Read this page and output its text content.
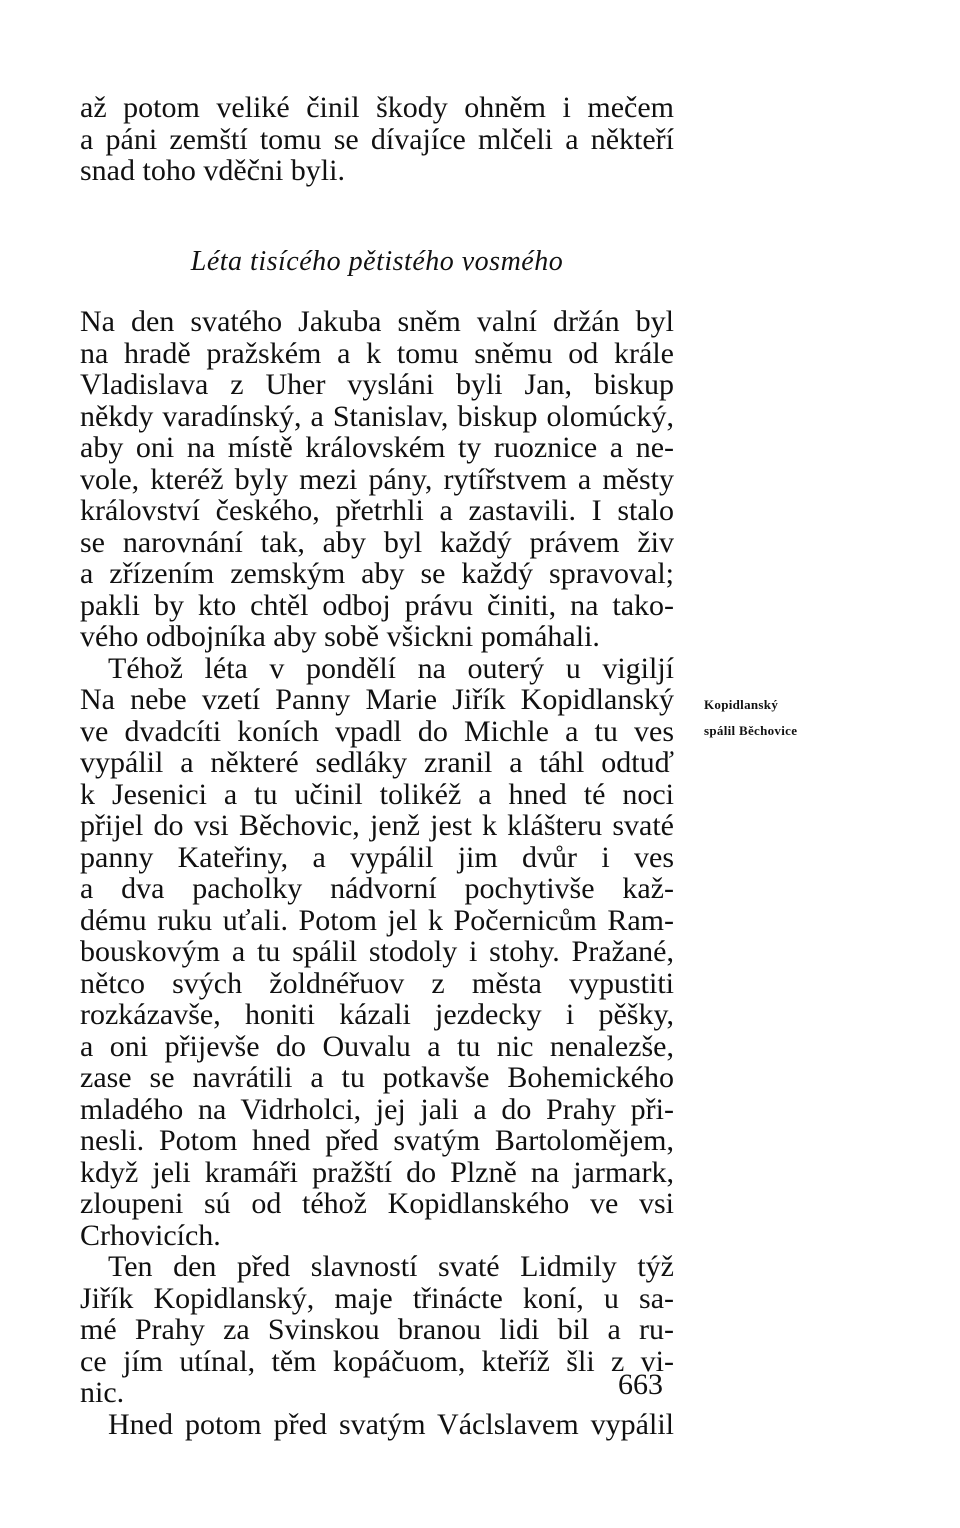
až potom veliké činil škody ohněm i mečem
a páni zemští tomu se dívajíce mlčeli a někteří
snad toho vděčni byli.
Léta tisícého pětistého vosmého
Na den svatého Jakuba sněm valní držán byl
na hradě pražském a k tomu sněmu od krále
Vladislava z Uher vysláni byli Jan, biskup
někdy varadínský, a Stanislav, biskup olomúcký,
aby oni na místě královském ty ruoznice a ne-
vole, kteréž byly mezi pány, rytířstvem a městy
království českého, přetrhli a zastavili. I stalo
se narovnání tak, aby byl každý právem živ
a zřízením zemským aby se každý spravoval;
pakli by kto chtěl odboj právu činiti, na tako-
vého odbojníka aby sobě všickni pomáhali.
Téhož léta v pondělí na outerý u vigiljí
Na nebe vzetí Panny Marie Jiřík Kopidlanský
ve dvadcíti koních vpadl do Michle a tu ves
vypálil a některé sedláky zranil a táhl odtuď
k Jesenici a tu učinil tolikéž a hned té noci
přijel do vsi Běchovic, jenž jest k klášteru svaté
panny Kateřiny, a vypálil jim dvůr i ves
a dva pacholky nádvorní pochytivše kaž-
dému ruku uťali. Potom jel k Počernicům Ram-
bouskovým a tu spálil stodoly i stohy. Pražané,
nětco svých žoldnéřuov z města vypustiti
rozkázavše, honiti kázali jezdecky i pěšky,
a oni přijevše do Ouvalu a tu nic nenalezše,
zase se navrátili a tu potkavše Bohemického
mladého na Vidrholci, jej jali a do Prahy při-
nesli. Potom hned před svatým Bartolomějem,
když jeli kramáři pražští do Plzně na jarmark,
zloupeni sú od téhož Kopidlanského ve vsi
Crhovicích.
Ten den před slavností svaté Lidmily týž
Jiřík Kopidlanský, maje třinácte koní, u sa-
mé Prahy za Svinskou branou lidi bil a ru-
ce jím utínal, těm kopáčuom, kteříž šli z vi-
nic.
Hned potom před svatým Václslavem vypálil
Kopidlanský
spálil Běchovice
663
